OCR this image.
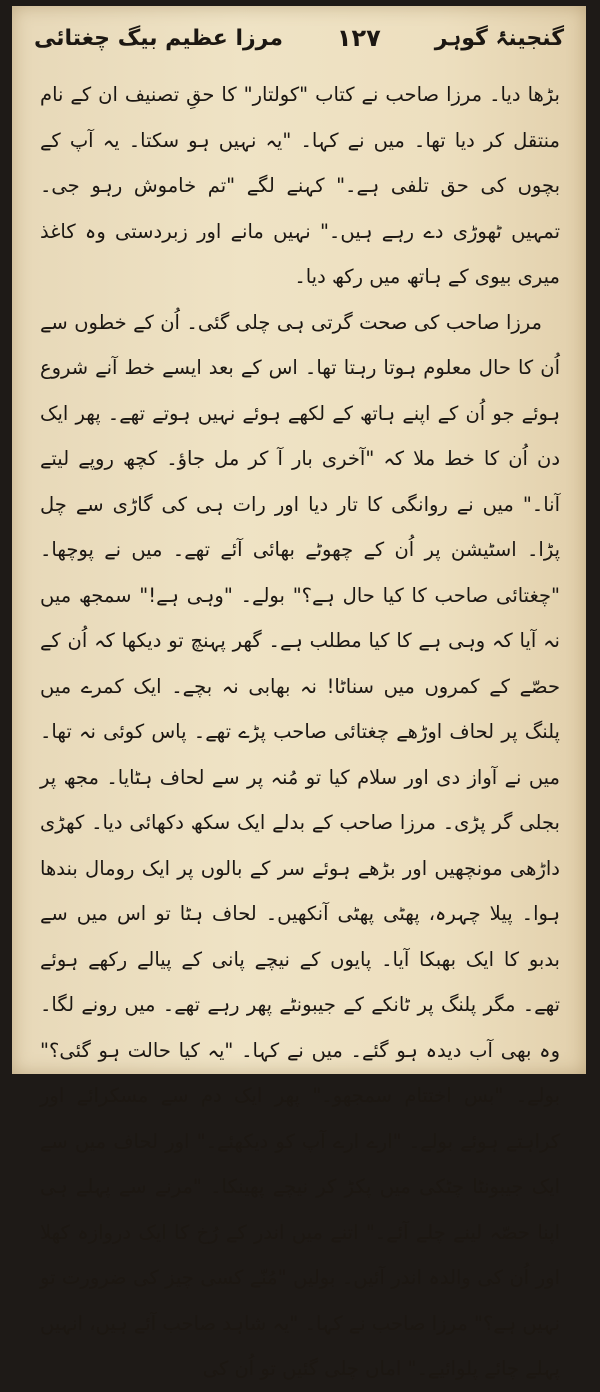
گنجینۂ گوہر
۱۲۷
مرزا عظیم بیگ چغتائی

بڑھا دیا۔ مرزا صاحب نے کتاب "کولتار" کا حقِ تصنیف ان کے نام منتقل کر دیا تھا۔ میں نے کہا۔ "یہ نہیں ہو سکتا۔ یہ آپ کے بچوں کی حق تلفی ہے۔" کہنے لگے "تم خاموش رہو جی۔ تمہیں ٹھوڑی دے رہے ہیں۔" نہیں مانے اور زبردستی وہ کاغذ میری بیوی کے ہاتھ میں رکھ دیا۔

مرزا صاحب کی صحت گرتی ہی چلی گئی۔ اُن کے خطوں سے اُن کا حال معلوم ہوتا رہتا تھا۔ اس کے بعد ایسے خط آنے شروع ہوئے جو اُن کے اپنے ہاتھ کے لکھے ہوئے نہیں ہوتے تھے۔ پھر ایک دن اُن کا خط ملا کہ "آخری بار آ کر مل جاؤ۔ کچھ روپے لیتے آنا۔" میں نے روانگی کا تار دیا اور رات ہی کی گاڑی سے چل پڑا۔ اسٹیشن پر اُن کے چھوٹے بھائی آئے تھے۔ میں نے پوچھا۔ "چغتائی صاحب کا کیا حال ہے؟" بولے۔ "وہی ہے!" سمجھ میں نہ آیا کہ وہی ہے کا کیا مطلب ہے۔ گھر پہنچ تو دیکھا کہ اُن کے حصّے کے کمروں میں سناٹا! نہ بھابی نہ بچے۔ ایک کمرے میں پلنگ پر لحاف اوڑھے چغتائی صاحب پڑے تھے۔ پاس کوئی نہ تھا۔ میں نے آواز دی اور سلام کیا تو مُنہ پر سے لحاف ہٹایا۔ مجھ پر بجلی گر پڑی۔ مرزا صاحب کے بدلے ایک سکھ دکھائی دیا۔ کھڑی داڑھی مونچھیں اور بڑھے ہوئے سر کے بالوں پر ایک رومال بندھا ہوا۔ پیلا چہرہ، پھٹی پھٹی آنکھیں۔ لحاف ہٹا تو اس میں سے بدبو کا ایک بھبکا آیا۔ پایوں کے نیچے پانی کے پیالے رکھے ہوئے تھے۔ مگر پلنگ پر ٹانکے کے جیبونٹے پھر رہے تھے۔ میں رونے لگا۔ وہ بھی آب دیدہ ہو گئے۔ میں نے کہا۔ "یہ کیا حالت ہو گئی؟" بولے۔ "بس اختتام سمجھو۔" پھر ایک دم سے مسکرائے اور کراہتے ہوئے بولے۔ "ارے ارے آپ کو دیکھئے۔" اور لحاف میں سے ایک جیبونٹا چٹکی میں پکڑ کر نیچے پھینکا۔ "مرنے سے پہلے ہی اپنا حصّہ لینے چلے آئے۔" اتنے میں اندر کے رُخ کا ایک دروازہ کھلا اور اُن کی والدہ اندر آئیں۔ بولیں "مُنّے کسی چیز کی ضرورت تو نہیں ہے؟" مرزا صاحب نے کہا۔ "یہ شاہد صاحب آئے ہیں، انہیں پہلے چائے پلوائیے۔" اماں چلی گئیں تو اُن کی
